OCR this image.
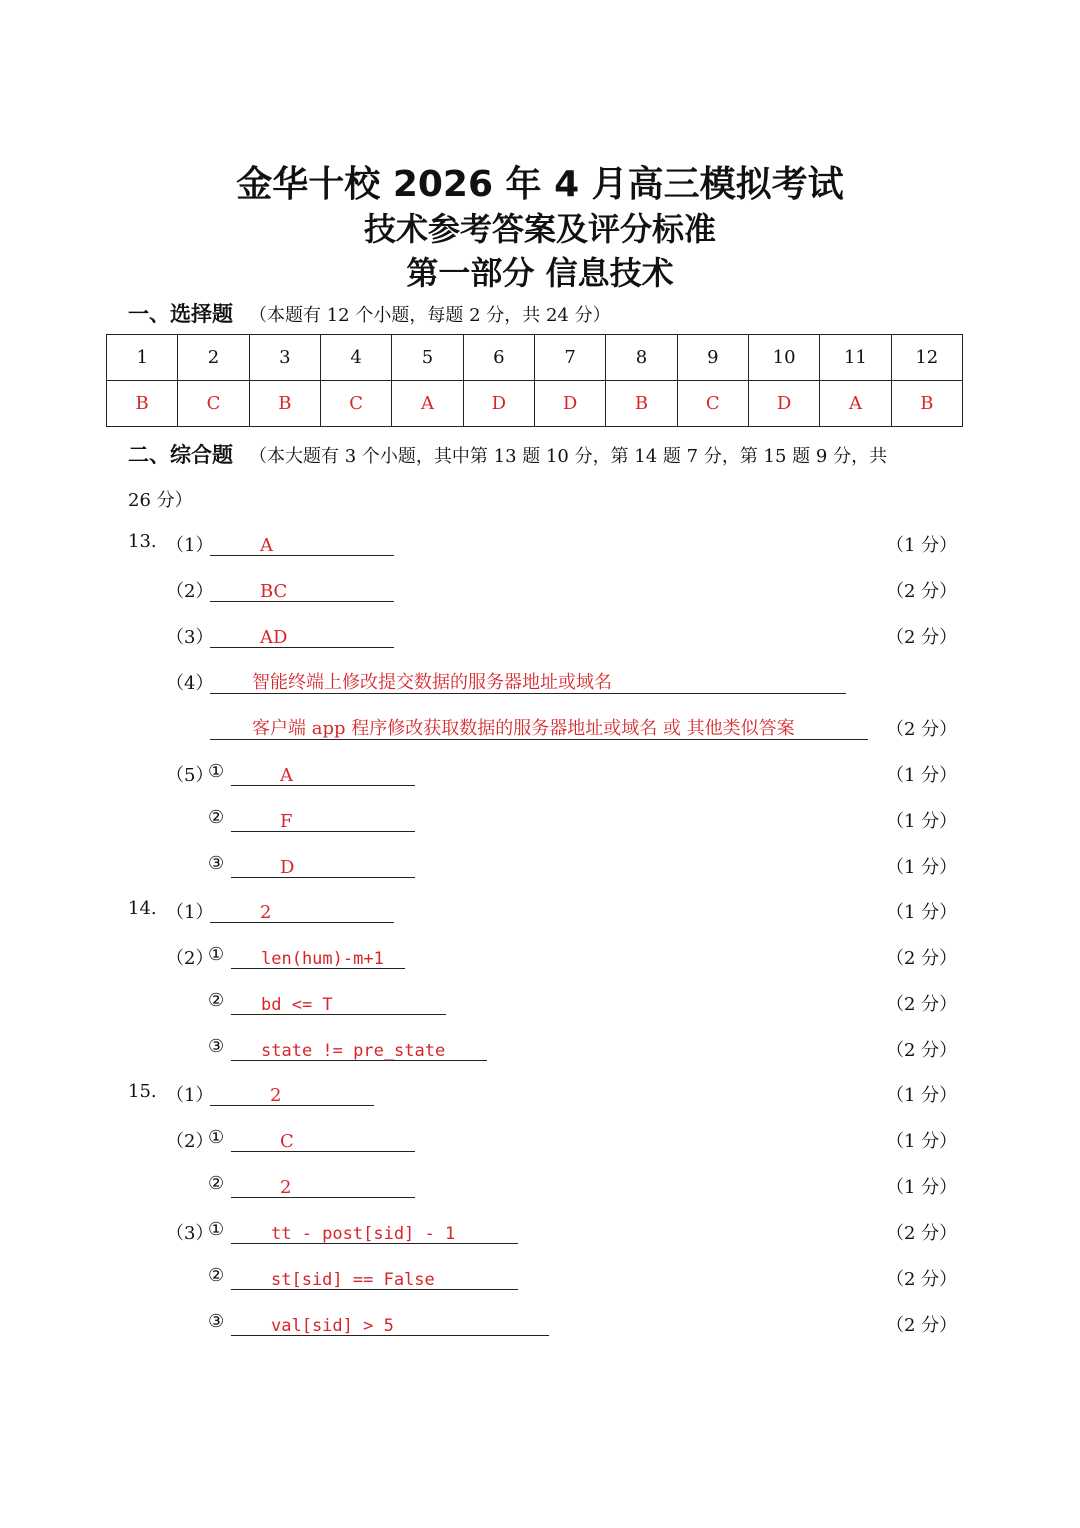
金华十校 2026 年 4 月高三模拟考试
技术参考答案及评分标准
第一部分 信息技术
一、选择题 （本题有 12 个小题，每题 2 分，共 24 分）
1	2	3	4	5	6	7	8	9	10	11	12
B	C	B	C	A	D	D	B	C	D	A	B
二、综合题 （本大题有 3 个小题，其中第 13 题 10 分，第 14 题 7 分，第 15 题 9 分，共
26 分）
13. （1）	A	（1 分）
（2）	BC	（2 分）
（3）	AD	（2 分）
（4） 智能终端上修改提交数据的服务器地址或域名
客户端 app 程序修改获取数据的服务器地址或域名 或 其他类似答案	（2 分）
（5）
①	A	（1 分）
②	F	（1 分）
③	D	（1 分）
14. （1）	2	（1 分）
（2）
① len(hum)-m+1	（2 分）
② bd <= T	（2 分）
③ state != pre_state	（2 分）
15. （1）	2	（1 分）
（2）
①	C	（1 分）
②	2	（1 分）
（3）
①	tt - post[sid] - 1	（2 分）
②	st[sid] == False	（2 分）
③	val[sid] > 5	（2 分）
